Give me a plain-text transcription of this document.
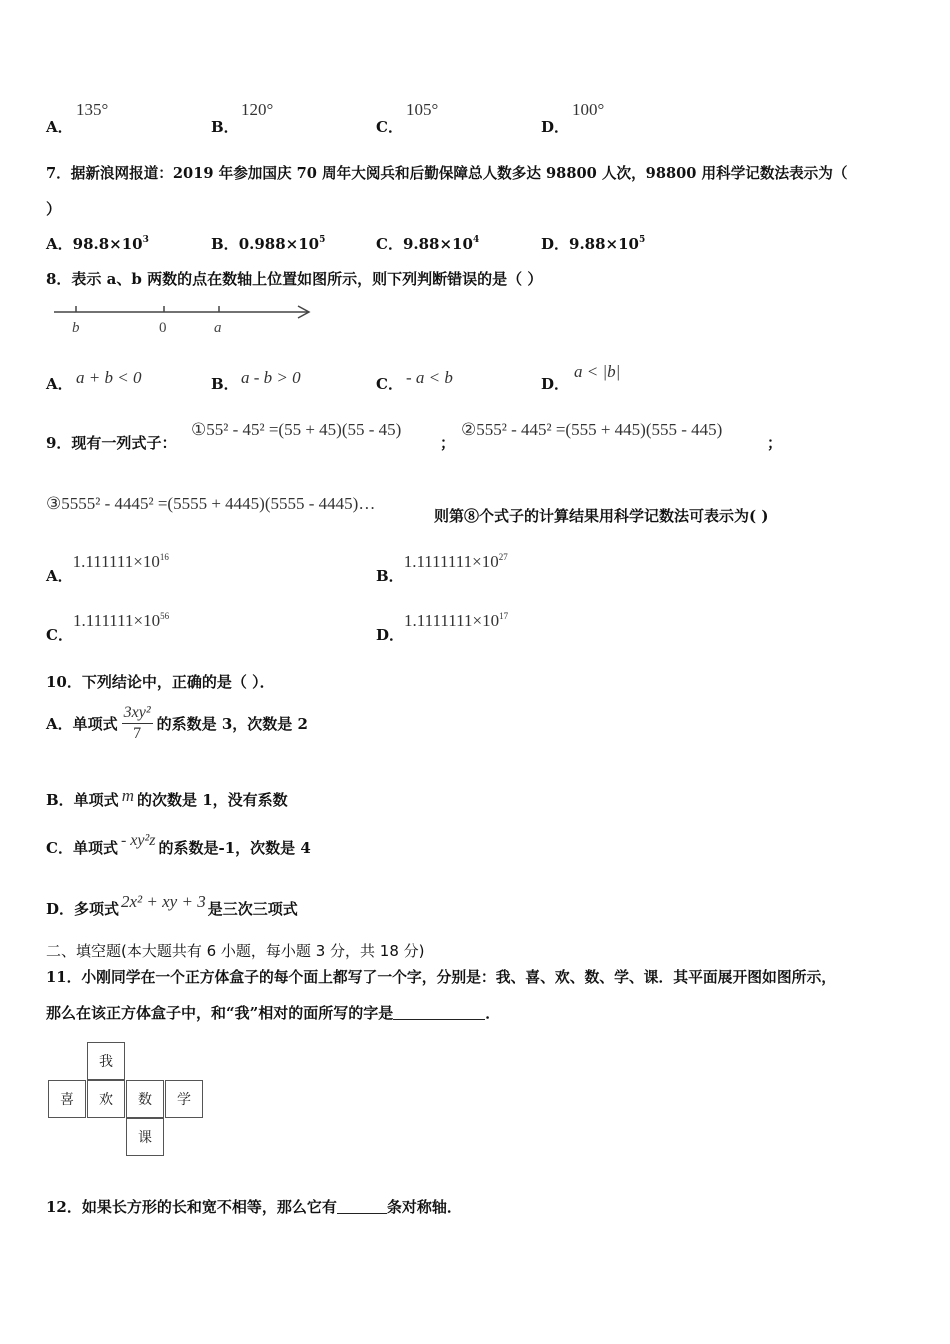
A．
135°
B．
120°
C．
105°
D．
100°
7．据新浪网报道：2019 年参加国庆 70 周年大阅兵和后勤保障总人数多达 98800 人次，98800 用科学记数法表示为（
）
A．$98.8\times 10^3$	B．$0.988\times 10^5$	C．$9.88\times 10^4$	D．$9.88\times 10^5$
8．表示 a、b 两数的点在数轴上位置如图所示，则下列判断错误的是（ ）
b	0	a
A． a + b < 0	B． a - b > 0	C． - a < b	D．
a < |b|
9．现有一列式子：
①55² - 45² =(55 + 45)(55 - 45)
；
②555² - 445² =(555 + 445)(555 - 445)
；
③5555² - 4445² =(5555 + 4445)(5555 - 4445)…
则第⑧个式子的计算结果用科学记数法可表示为( )
A．$1.111111\times 10^{16}$
B．$1.1111111\times 10^{27}$
C．$1.111111\times 10^{56}$
D．$1.1111111\times 10^{17}$
10．下列结论中，正确的是（ ）．
A．单项式 $\frac{\text{3xy²}}{7}$ 的系数是 3，次数是 2
B．单项式 m 的次数是 1，没有系数
C．单项式 - xy²z 的系数是-1，次数是 4
D．多项式 2x² + xy + 3 是三次三项式
二、填空题(本大题共有 6 小题，每小题 3 分，共 18 分)
11．小刚同学在一个正方体盒子的每个面上都写了一个字，分别是：我、喜、欢、数、学、课．其平面展开图如图所示，
那么在该正方体盒子中，和“我”相对的面所写的字是	．
我
喜	欢	数	学
课
12．如果长方形的长和宽不相等，那么它有	条对称轴．
